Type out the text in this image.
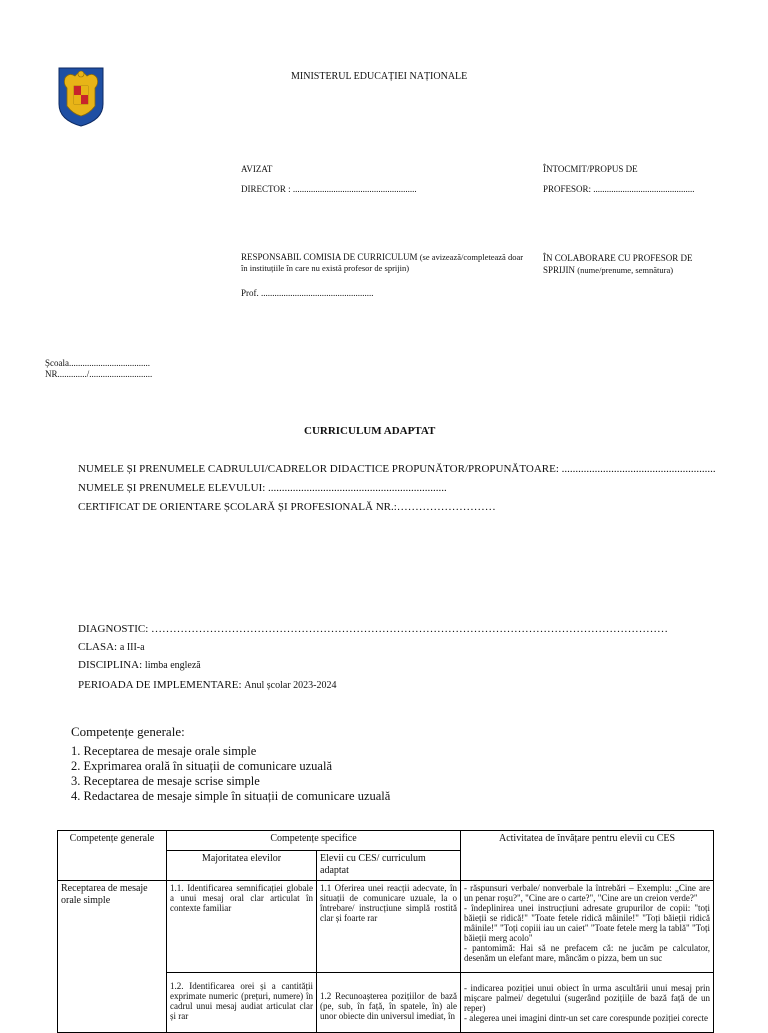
MINISTERUL EDUCAȚIEI NAȚIONALE
AVIZAT
DIRECTOR : .......................................................
ÎNTOCMIT/PROPUS DE
PROFESOR: .............................................
RESPONSABIL COMISIA DE CURRICULUM (se avizează/completează doar în instituțiile în care nu există profesor de sprijin)
Prof. ..................................................
ÎN COLABORARE CU PROFESOR DE SPRIJIN (nume/prenume, semnătura)
Școala....................................
NR............./............................
CURRICULUM ADAPTAT
NUMELE ȘI PRENUMELE CADRULUI/CADRELOR DIDACTICE PROPUNĂTOR/PROPUNĂTOARE: ........................................................
NUMELE ȘI PRENUMELE ELEVULUI: .................................................................
CERTIFICAT DE ORIENTARE ȘCOLARĂ ȘI PROFESIONALĂ NR.:………………………
DIAGNOSTIC: ……………………………………………………………………………………………………………………………
CLASA: a III-a
DISCIPLINA: limba engleză
PERIOADA DE IMPLEMENTARE: Anul școlar 2023-2024
Competențe generale:
1. Receptarea de mesaje orale simple
2. Exprimarea orală în situații de comunicare uzuală
3. Receptarea de mesaje scrise simple
4. Redactarea de mesaje simple în situații de comunicare uzuală
Competențe generale	Competențe specifice		Activitatea de învățare pentru elevii cu CES
	Majoritatea elevilor	Elevii cu CES/ curriculum adaptat	
Receptarea de mesaje orale simple	1.1. Identificarea semnificației globale a unui mesaj oral clar articulat în contexte familiar	1.1 Oferirea unei reacții adecvate, în situații de comunicare uzuale, la o întrebare/ instrucțiune simplă rostită clar și foarte rar	- răspunsuri verbale/ nonverbale la întrebări – Exemplu: „Cine are un penar roșu?", "Cine are o carte?", "Cine are un creion verde?"
- îndeplinirea unei instrucțiuni adresate grupurilor de copii: "toți băieții se ridică!" "Toate fetele ridică mâinile!" "Toți băieții ridică mâinile!" "Toți copiii iau un caiet" "Toate fetele merg la tablă" "Toți băieții merg acolo"
- pantomimă: Hai să ne prefacem că: ne jucăm pe calculator, desenăm un elefant mare, mâncăm o pizza, bem un suc

	1.2. Identificarea orei și a cantității exprimate numeric (prețuri, numere) în cadrul unui mesaj audiat articulat clar și rar	1.2 Recunoașterea pozițiilor de bază (pe, sub, în față, în spatele, în) ale unor obiecte din universul imediat, în	- indicarea poziției unui obiect în urma ascultării unui mesaj prin mișcare palmei/ degetului (sugerând pozițiile de bază față de un reper)
- alegerea unei imagini dintr-un set care corespunde poziției corecte
